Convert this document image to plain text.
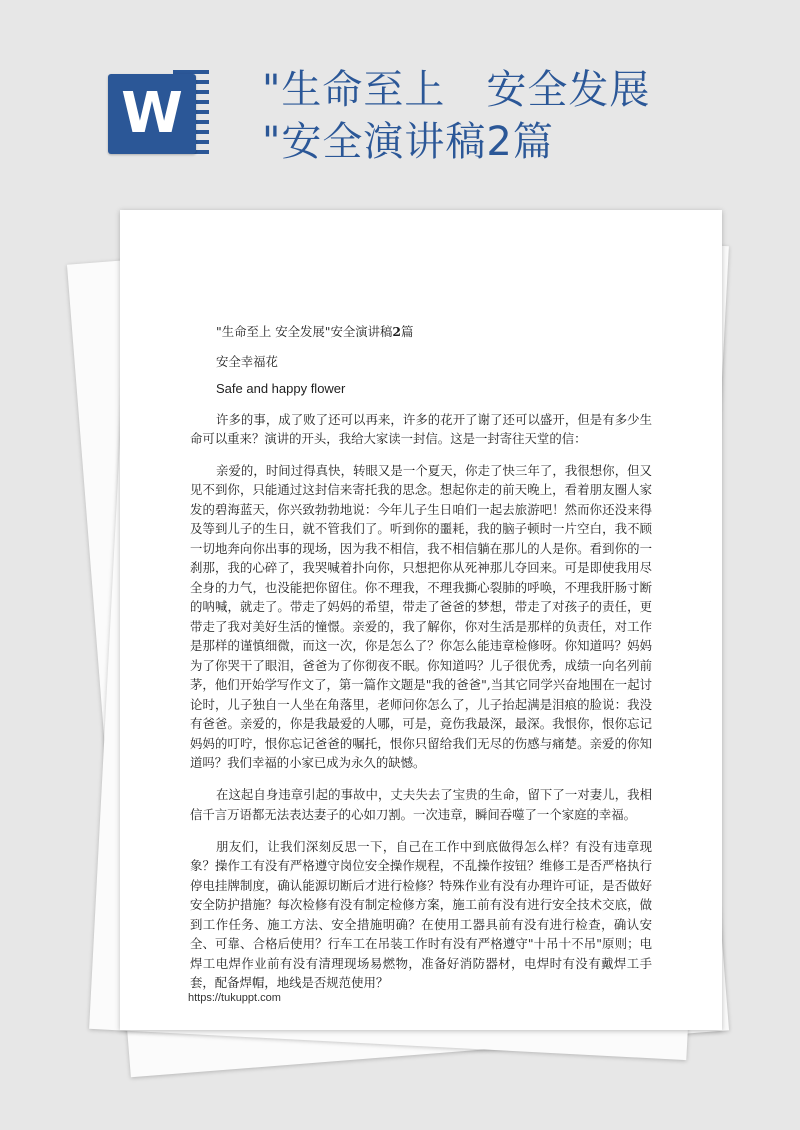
W	"生命至上　安全发展
"安全演讲稿2篇
"生命至上 安全发展"安全演讲稿2篇
安全幸福花
Safe and happy flower

许多的事，成了败了还可以再来，许多的花开了谢了还可以盛开，但是有多少生命可以重来？演讲的开头，我给大家读一封信。这是一封寄往天堂的信：

亲爱的，时间过得真快，转眼又是一个夏天，你走了快三年了，我很想你，但又见不到你，只能通过这封信来寄托我的思念。想起你走的前天晚上，看着朋友圈人家发的碧海蓝天，你兴致勃勃地说：今年儿子生日咱们一起去旅游吧！然而你还没来得及等到儿子的生日，就不管我们了。听到你的噩耗，我的脑子顿时一片空白，我不顾一切地奔向你出事的现场，因为我不相信，我不相信躺在那儿的人是你。看到你的一刹那，我的心碎了，我哭喊着扑向你，只想把你从死神那儿夺回来。可是即使我用尽全身的力气，也没能把你留住。你不理我，不理我撕心裂肺的呼唤，不理我肝肠寸断的呐喊，就走了。带走了妈妈的希望，带走了爸爸的梦想，带走了对孩子的责任，更带走了我对美好生活的憧憬。亲爱的，我了解你，你对生活是那样的负责任，对工作是那样的谨慎细微，而这一次，你是怎么了？你怎么能违章检修呀。你知道吗？妈妈为了你哭干了眼泪，爸爸为了你彻夜不眠。你知道吗？儿子很优秀，成绩一向名列前茅，他们开始学写作文了，第一篇作文题是"我的爸爸",当其它同学兴奋地围在一起讨论时，儿子独自一人坐在角落里，老师问你怎么了，儿子抬起满是泪痕的脸说：我没有爸爸。亲爱的，你是我最爱的人哪，可是，竟伤我最深，最深。我恨你，恨你忘记妈妈的叮咛，恨你忘记爸爸的嘱托，恨你只留给我们无尽的伤感与痛楚。亲爱的你知道吗？我们幸福的小家已成为永久的缺憾。

在这起自身违章引起的事故中，丈夫失去了宝贵的生命，留下了一对妻儿，我相信千言万语都无法表达妻子的心如刀割。一次违章，瞬间吞噬了一个家庭的幸福。

朋友们，让我们深刻反思一下，自己在工作中到底做得怎么样？有没有违章现象？操作工有没有严格遵守岗位安全操作规程，不乱操作按钮？维修工是否严格执行停电挂牌制度，确认能源切断后才进行检修？特殊作业有没有办理许可证，是否做好安全防护措施？每次检修有没有制定检修方案，施工前有没有进行安全技术交底，做到工作任务、施工方法、安全措施明确？在使用工器具前有没有进行检查，确认安全、可靠、合格后使用？行车工在吊装工作时有没有严格遵守"十吊十不吊"原则；电焊工电焊作业前有没有清理现场易燃物，准备好消防器材，电焊时有没有戴焊工手套，配备焊帽，地线是否规范使用？

https://tukuppt.com
